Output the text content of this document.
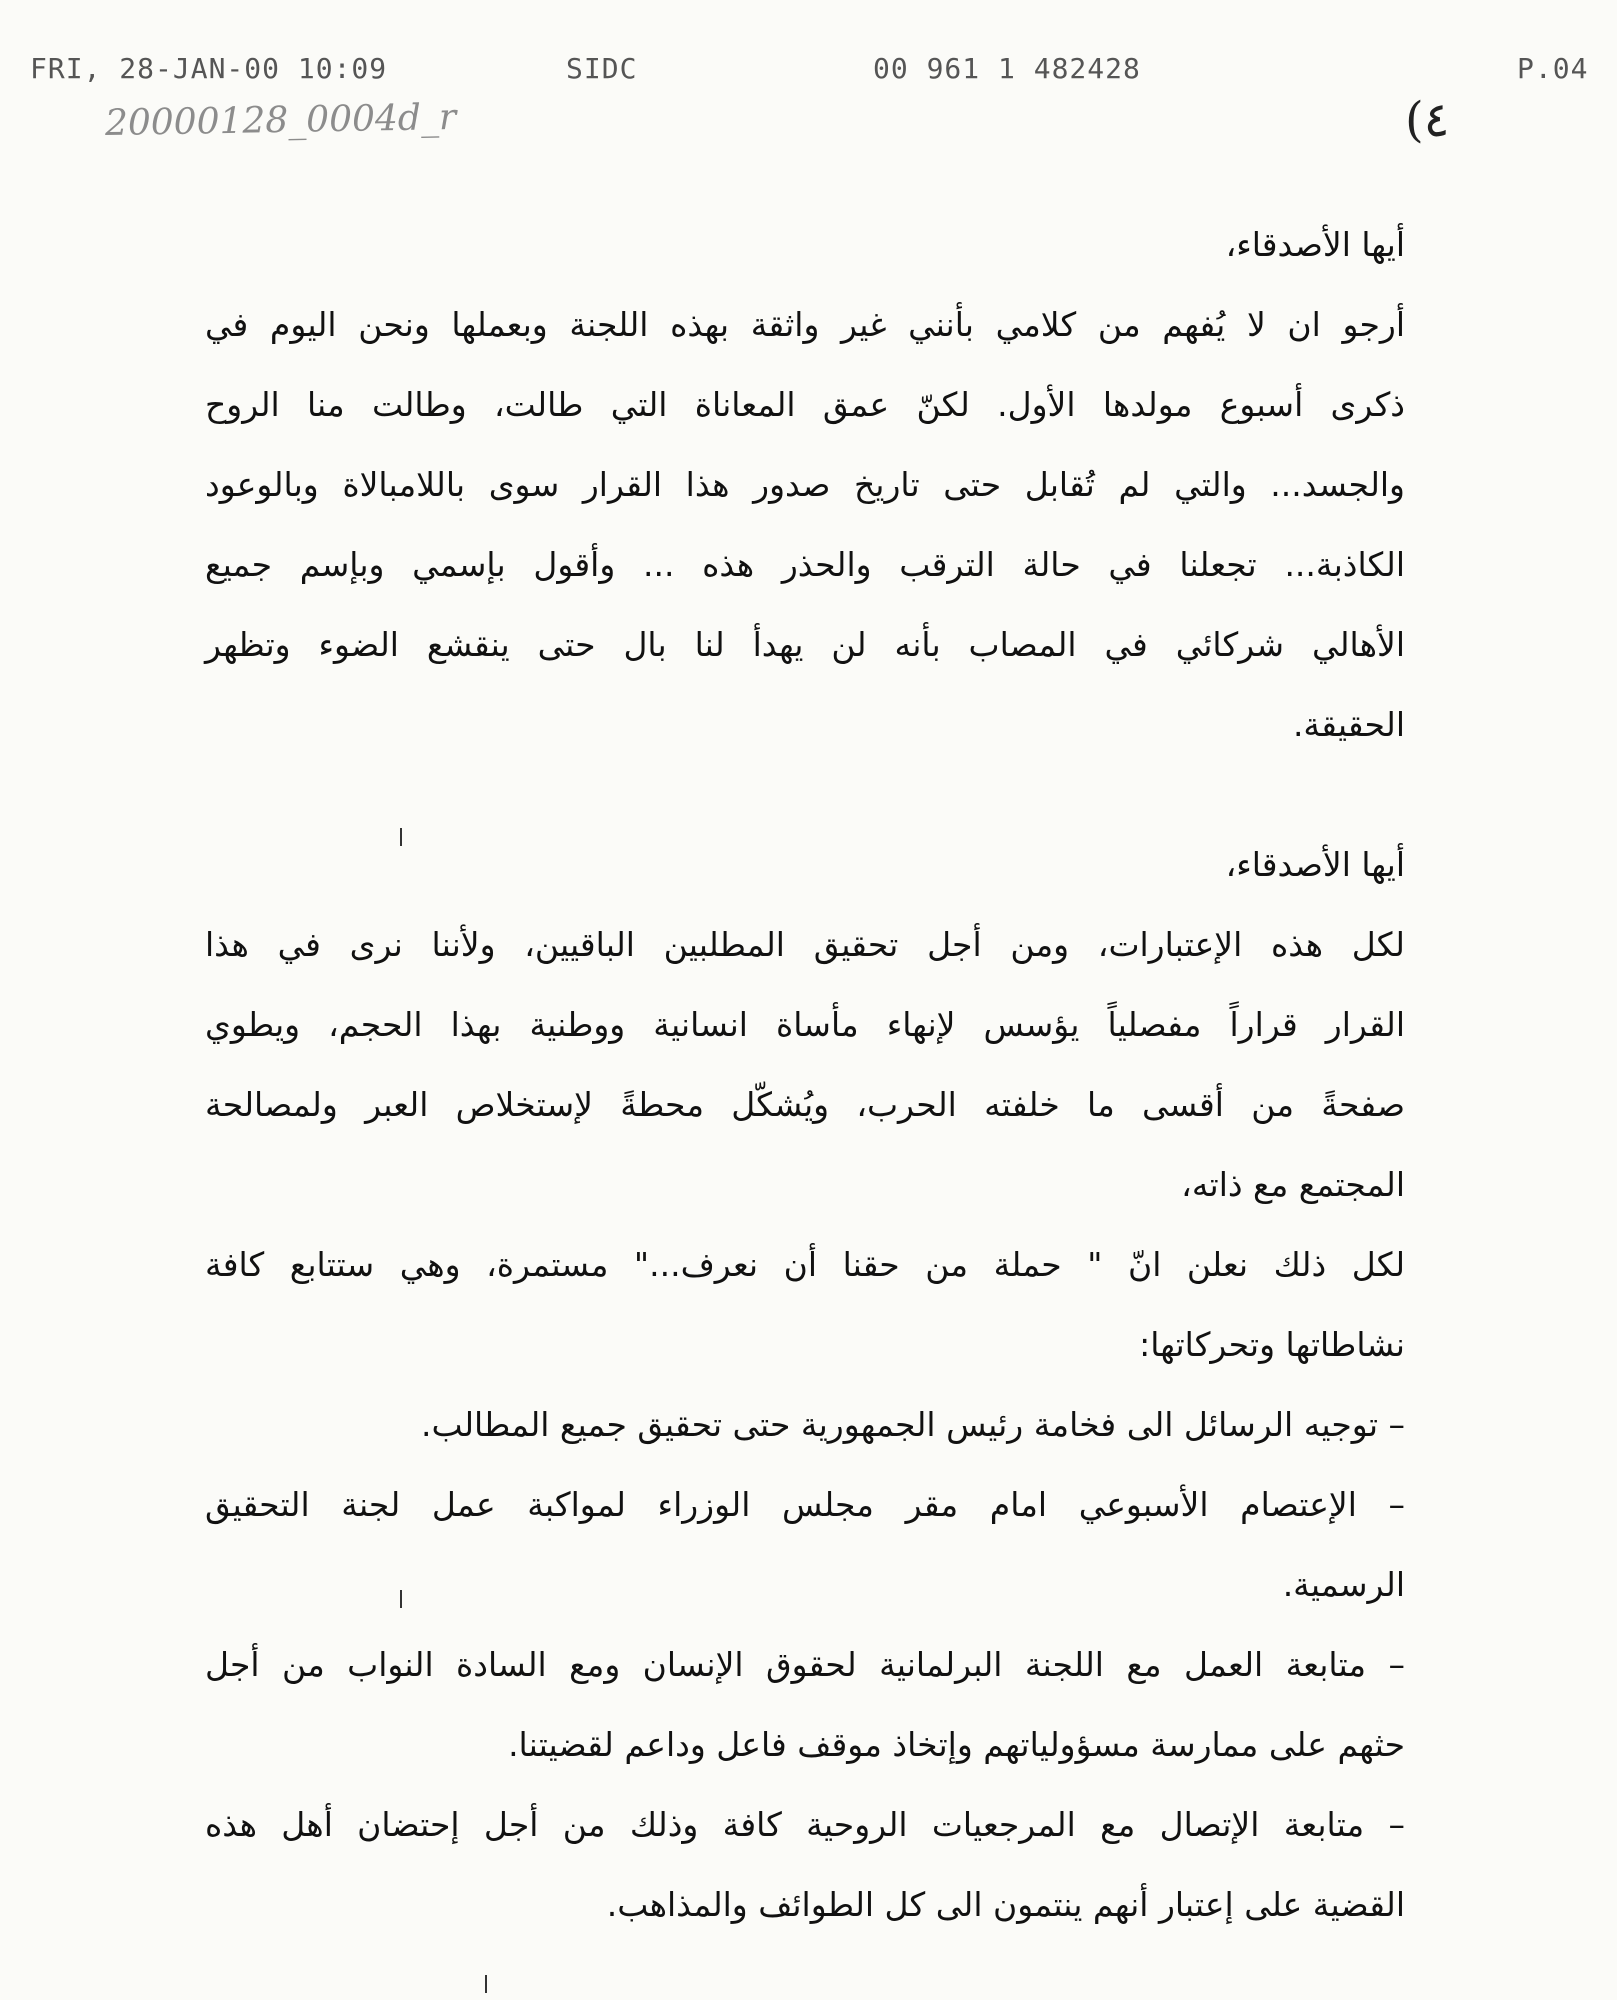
FRI, 28-JAN-00 10:09	SIDC	00 961 1 482428	P.04
20000128_0004d_r	(٤
أيها الأصدقاء،
أرجو ان لا يُفهم من كلامي بأنني غير واثقة بهذه اللجنة وبعملها ونحن اليوم في
ذكرى أسبوع مولدها الأول. لكنّ عمق المعاناة التي طالت، وطالت منا الروح
والجسد... والتي لم تُقابل حتى تاريخ صدور هذا القرار سوى باللامبالاة وبالوعود
الكاذبة... تجعلنا في حالة الترقب والحذر هذه ... وأقول بإسمي وبإسم جميع
الأهالي شركائي في المصاب بأنه لن يهدأ لنا بال حتى ينقشع الضوء وتظهر
الحقيقة.
أيها الأصدقاء،
لكل هذه الإعتبارات، ومن أجل تحقيق المطلبين الباقيين، ولأننا نرى في هذا
القرار قراراً مفصلياً يؤسس لإنهاء مأساة انسانية ووطنية بهذا الحجم، ويطوي
صفحةً من أقسى ما خلفته الحرب، ويُشكّل محطةً لإستخلاص العبر ولمصالحة
المجتمع مع ذاته،
لكل ذلك نعلن انّ " حملة من حقنا أن نعرف..." مستمرة، وهي ستتابع كافة
نشاطاتها وتحركاتها:
– توجيه الرسائل الى فخامة رئيس الجمهورية حتى تحقيق جميع المطالب.
– الإعتصام الأسبوعي امام مقر مجلس الوزراء لمواكبة عمل لجنة التحقيق
الرسمية.
– متابعة العمل مع اللجنة البرلمانية لحقوق الإنسان ومع السادة النواب من أجل
حثهم على ممارسة مسؤولياتهم وإتخاذ موقف فاعل وداعم لقضيتنا.
– متابعة الإتصال مع المرجعيات الروحية كافة وذلك من أجل إحتضان أهل هذه
القضية على إعتبار أنهم ينتمون الى كل الطوائف والمذاهب.
